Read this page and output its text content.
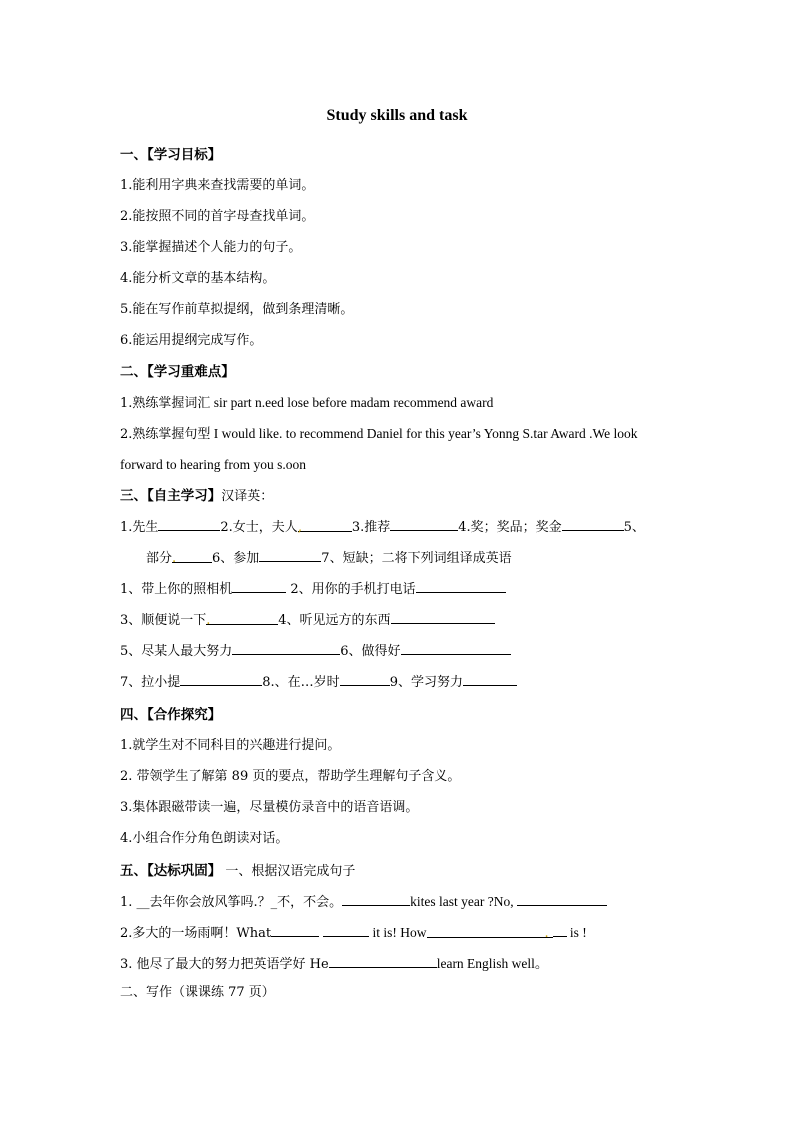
Study skills and task
一、【学习目标】
1.能利用字典来查找需要的单词。
2.能按照不同的首字母查找单词。
3.能掌握描述个人能力的句子。
4.能分析文章的基本结构。
5.能在写作前草拟提纲，做到条理清晰。
6.能运用提纲完成写作。
二、【学习重难点】
1.熟练掌握词汇 sir part n.eed lose before madam recommend award
2.熟练掌握句型 I would like. to recommend Daniel for this year’s Yonng S.tar Award .We look
forward to hearing from you s.oon
三、【自主学习】汉译英：
1.先生	2.女士，夫人,	3.推荐	4.奖；奖品；奖金	5、
部分.	6、参加	7、短缺；二将下列词组译成英语
1、带上你的照相机	2、用你的手机打电话
3、顺便说一下.	4、听见远方的东西
5、尽某人最大努力	6、做得好
7、拉小提	8.、在…岁时	9、学习努力
四、【合作探究】
1.就学生对不同科目的兴趣进行提问。
2. 带领学生了解第 89 页的要点，帮助学生理解句子含义。
3.集体跟磁带读一遍，尽量模仿录音中的语音语调。
4.小组合作分角色朗读对话。
五、【达标巩固】 一、根据汉语完成句子
1. __去年你会放风筝吗.？_不，不会。	kites last year ?No,
2.多大的一场雨啊！What	it is! How	. is !
3. 他尽了最大的努力把英语学好 He	learn English well。
二、写作（课课练 77 页）
